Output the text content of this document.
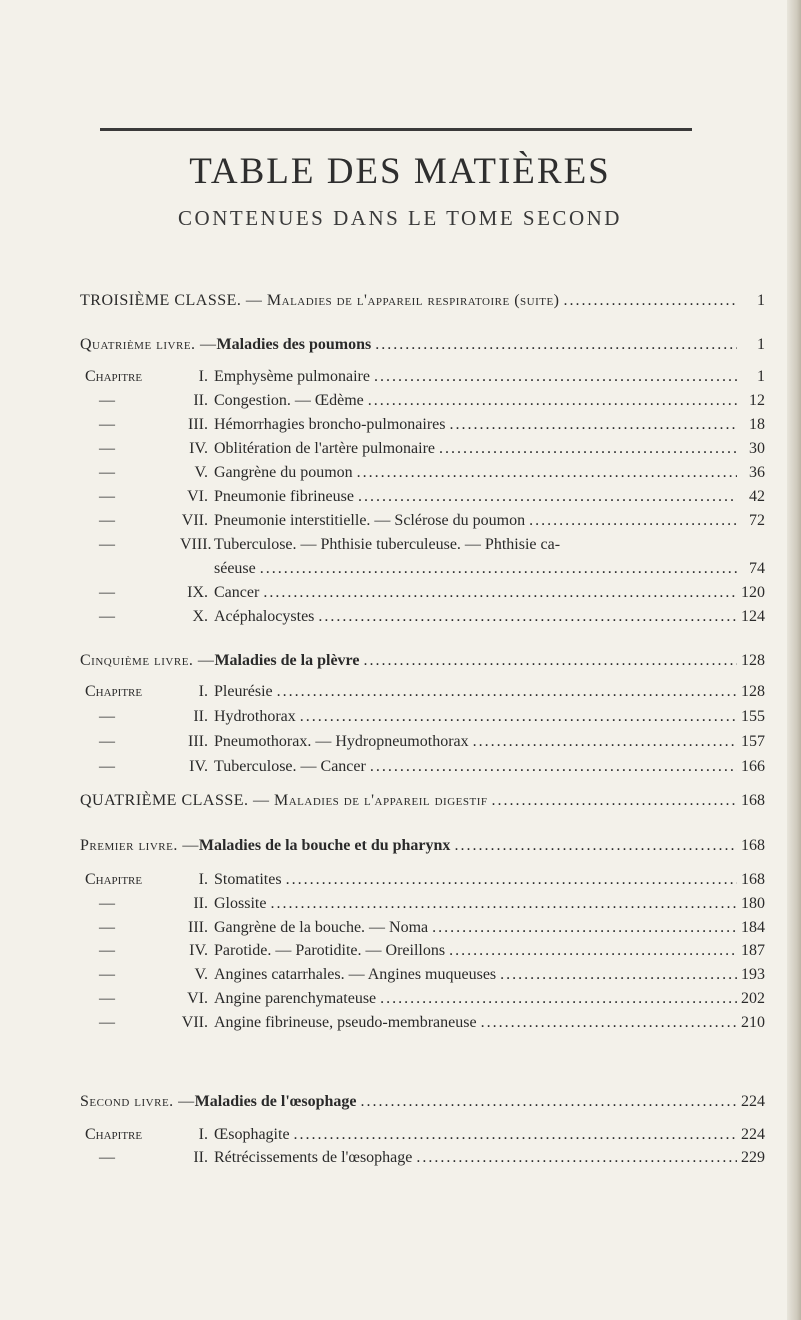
TABLE DES MATIÈRES
CONTENUES DANS LE TOME SECOND
TROISIÈME CLASSE. — Maladies de l'appareil respiratoire (suite) .....	1
Quatrième livre. — Maladies des poumons .....	1
Chapitre	I. Emphysème pulmonaire .....	1
—	II. Congestion. — Œdème .....	12
—	III. Hémorrhagies broncho-pulmonaires .....	18
—	IV. Oblitération de l'artère pulmonaire .....	30
—	V. Gangrène du poumon .....	36
—	VI. Pneumonie fibrineuse .....	42
—	VII. Pneumonie interstitielle. — Sclérose du poumon .....	72
—	VIII. Tuberculose. — Phthisie tuberculeuse. — Phthisie ca-
séeuse .....	74
—	IX. Cancer .....	120
—	X. Acéphalocystes .....	124
Cinquième livre. — Maladies de la plèvre .....	128
Chapitre	I. Pleurésie .....	128
—	II. Hydrothorax .....	155
—	III. Pneumothorax. — Hydropneumothorax .....	157
—	IV. Tuberculose. — Cancer .....	166
QUATRIÈME CLASSE. — Maladies de l'appareil digestif .....	168
Premier livre. — Maladies de la bouche et du pharynx .....	168
Chapitre	I. Stomatites .....	168
—	II. Glossite .....	180
—	III. Gangrène de la bouche. — Noma .....	184
—	IV. Parotide. — Parotidite. — Oreillons .....	187
—	V. Angines catarrhales. — Angines muqueuses .....	193
—	VI. Angine parenchymateuse .....	202
—	VII. Angine fibrineuse, pseudo-membraneuse .....	210
Second livre. — Maladies de l'œsophage .....	224
Chapitre	I. Œsophagite .....	224
—	II. Rétrécissements de l'œsophage .....	229
